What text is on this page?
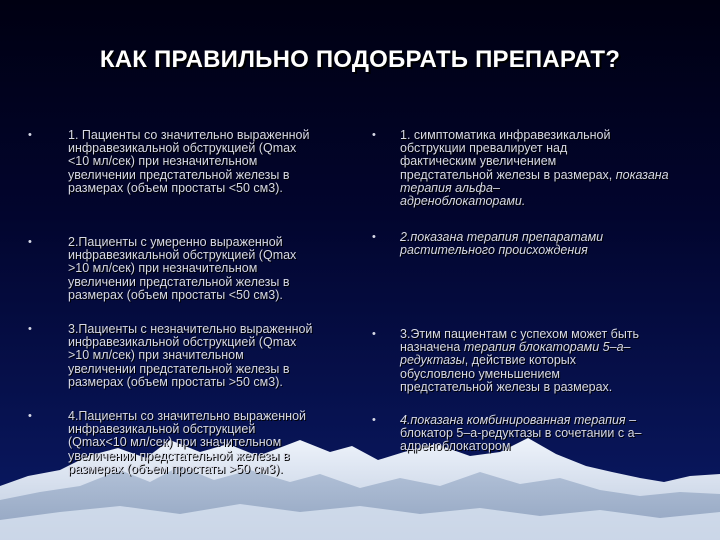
КАК ПРАВИЛЬНО ПОДОБРАТЬ ПРЕПАРАТ?
•	1. Пациенты со значительно выраженной
инфравезикальной обструкцией (Qmax
<10 мл/сек) при незначительном
увеличении предстательной железы в
размерах (объем простаты <50 см3).
•	2.Пациенты с умеренно выраженной
инфравезикальной обструкцией (Qmax
>10 мл/сек) при незначительном
увеличении предстательной железы в
размерах (объем простаты <50 см3).
•	3.Пациенты с незначительно выраженной
инфравезикальной обструкцией (Qmax
>10 мл/сек) при значительном
увеличении предстательной железы в
размерах (объем простаты >50 см3).
•	4.Пациенты со значительно выраженной
инфравезикальной обструкцией
(Qmax<10 мл/сек) при значительном
увеличении предстательной железы в
размерах (объем простаты >50 см3).
• 1. симптоматика инфравезикальной
обструкции превалирует над
фактическим увеличением
предстательной железы в размерах, показана терапия альфа–
адреноблокаторами.
• 2.показана терапия препаратами
растительного происхождения
• 3.Этим пациентам с успехом может быть
назначена терапия блокаторами 5–a–
редуктазы, действие которых
обусловлено уменьшением
предстательной железы в размерах.
• 4.показана комбинированная терапия –
блокатор 5–a-редуктазы в сочетании с a–
адреноблокатором
